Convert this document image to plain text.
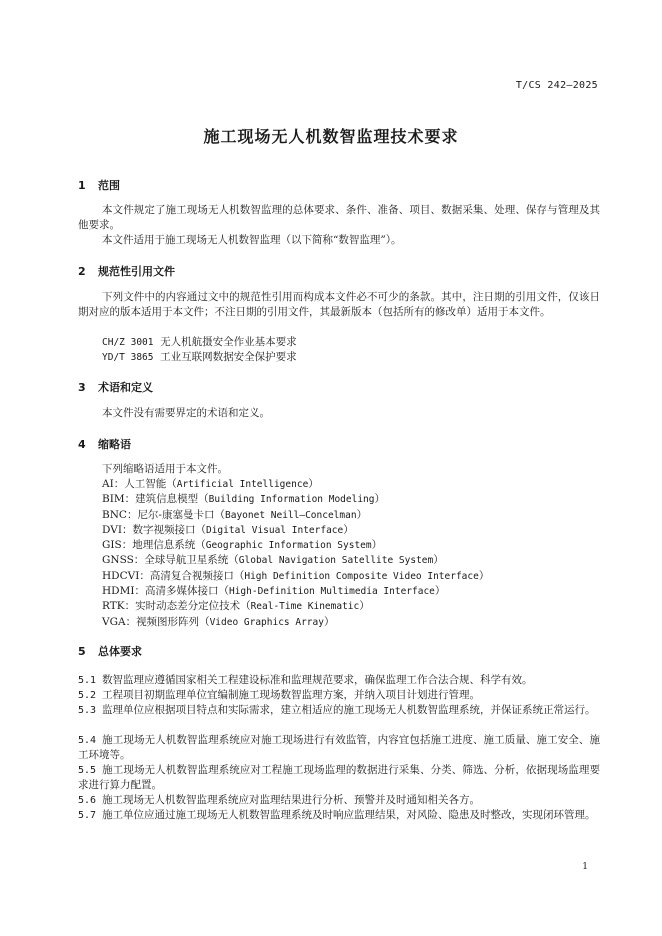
T/CS 242—2025
施工现场无人机数智监理技术要求
1 范围
本文件规定了施工现场无人机数智监理的总体要求、条件、准备、项目、数据采集、处理、保存与管理及其他要求。
本文件适用于施工现场无人机数智监理（以下简称“数智监理”）。
2 规范性引用文件
下列文件中的内容通过文中的规范性引用而构成本文件必不可少的条款。其中，注日期的引用文件，仅该日期对应的版本适用于本文件；不注日期的引用文件，其最新版本（包括所有的修改单）适用于本文件。
CH/Z 3001 无人机航摄安全作业基本要求
YD/T 3865 工业互联网数据安全保护要求
3 术语和定义
本文件没有需要界定的术语和定义。
4 缩略语
下列缩略语适用于本文件。
AI：人工智能（Artificial Intelligence）
BIM：建筑信息模型（Building Information Modeling）
BNC：尼尔-康塞曼卡口（Bayonet Neill–Concelman）
DVI：数字视频接口（Digital Visual Interface）
GIS：地理信息系统（Geographic Information System）
GNSS：全球导航卫星系统（Global Navigation Satellite System）
HDCVI：高清复合视频接口（High Definition Composite Video Interface）
HDMI：高清多媒体接口（High-Definition Multimedia Interface）
RTK：实时动态差分定位技术（Real-Time Kinematic）
VGA：视频图形阵列（Video Graphics Array）
5 总体要求
5.1 数智监理应遵循国家相关工程建设标准和监理规范要求，确保监理工作合法合规、科学有效。
5.2 工程项目初期监理单位宜编制施工现场数智监理方案，并纳入项目计划进行管理。
5.3 监理单位应根据项目特点和实际需求，建立相适应的施工现场无人机数智监理系统，并保证系统正常运行。
5.4 施工现场无人机数智监理系统应对施工现场进行有效监管，内容宜包括施工进度、施工质量、施工安全、施工环境等。
5.5 施工现场无人机数智监理系统应对工程施工现场监理的数据进行采集、分类、筛选、分析，依据现场监理要求进行算力配置。
5.6 施工现场无人机数智监理系统应对监理结果进行分析、预警并及时通知相关各方。
5.7 施工单位应通过施工现场无人机数智监理系统及时响应监理结果，对风险、隐患及时整改，实现闭环管理。
1
